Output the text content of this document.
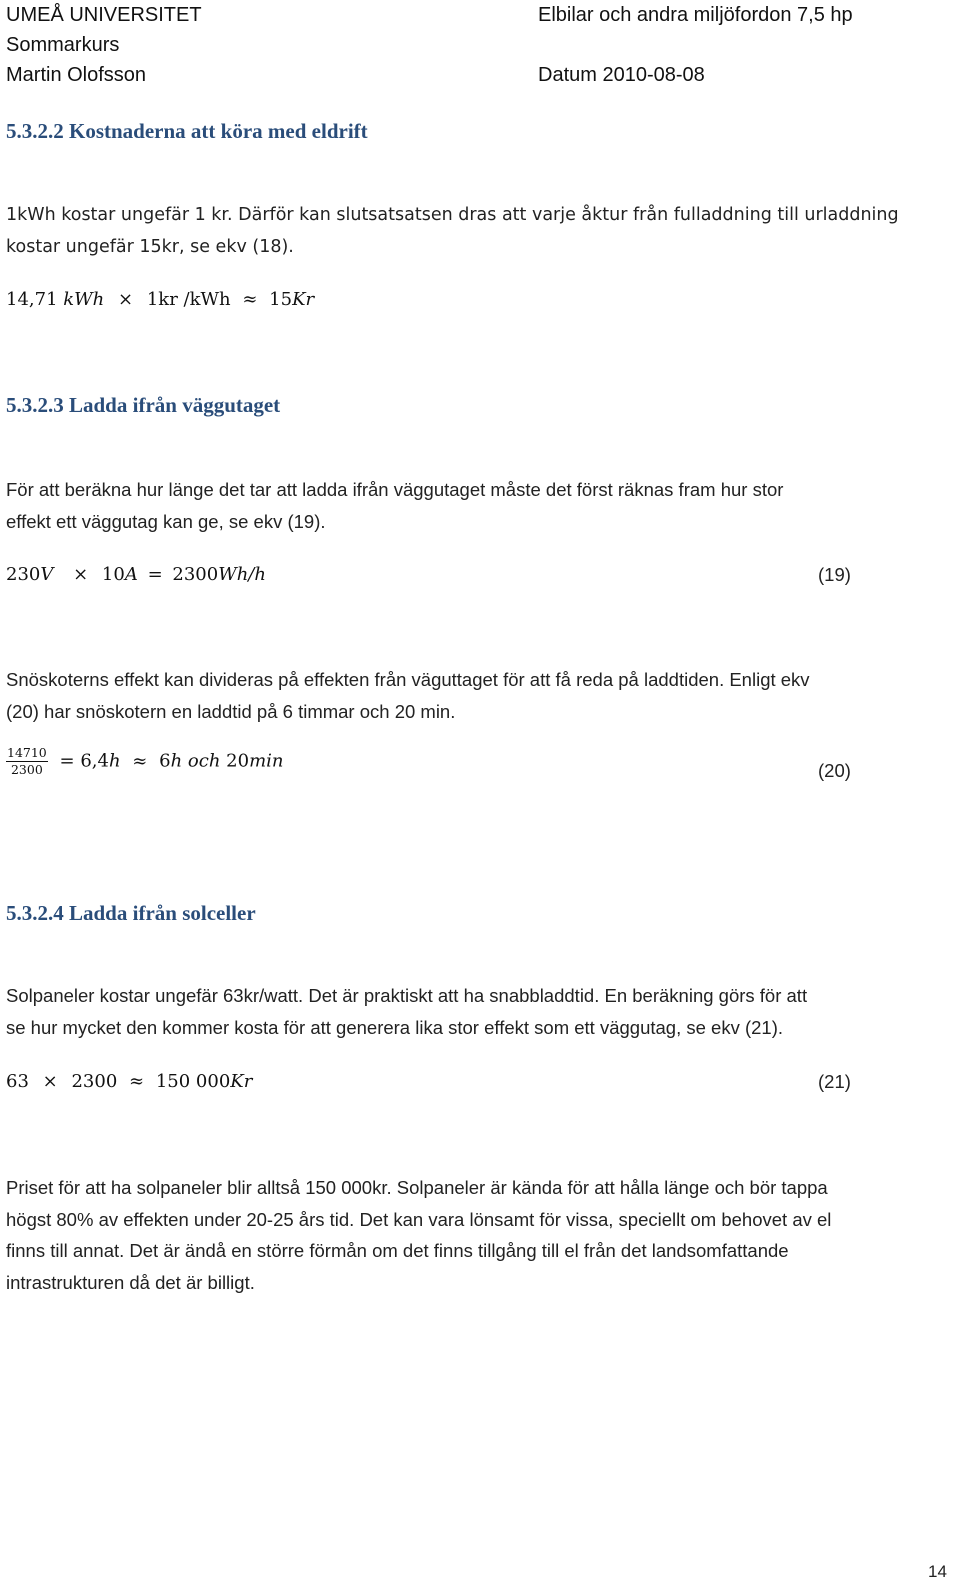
UMEÅ UNIVERSITET	Elbilar och andra miljöfordon 7,5 hp
Sommarkurs
Martin Olofsson	Datum 2010-08-08
5.3.2.2 Kostnaderna att köra med eldrift

1kWh kostar ungefär 1 kr. Därför kan slutsatsatsen dras att varje åktur från fulladdning till urladdning

kostar ungefär 15kr, se ekv (18).

14,71 kWh × 1kr /kWh ≈ 15Kr
5.3.2.3 Ladda ifrån väggutaget

För att beräkna hur länge det tar att ladda ifrån väggutaget måste det först räknas fram hur stor

effekt ett väggutag kan ge, se ekv (19).

230V × 10A = 2300Wh/h	(19)

Snöskoterns effekt kan divideras på effekten från väguttaget för att få reda på laddtiden. Enligt ekv

(20) har snöskotern en laddtid på 6 timmar och 20 min.

$\frac{14710}{2300} = 6,4h \approx 6h$ och 20min	(20)
5.3.2.4 Ladda ifrån solceller

Solpaneler kostar ungefär 63kr/watt. Det är praktiskt att ha snabbladdtid. En beräkning görs för att

se hur mycket den kommer kosta för att generera lika stor effekt som ett väggutag, se ekv (21).

63 × 2300 ≈ 150 000Kr	(21)

Priset för att ha solpaneler blir alltså 150 000kr. Solpaneler är kända för att hålla länge och bör tappa

högst 80% av effekten under 20-25 års tid. Det kan vara lönsamt för vissa, speciellt om behovet av el

finns till annat. Det är ändå en större förmån om det finns tillgång till el från det landsomfattande

intrastrukturen då det är billigt.

14
